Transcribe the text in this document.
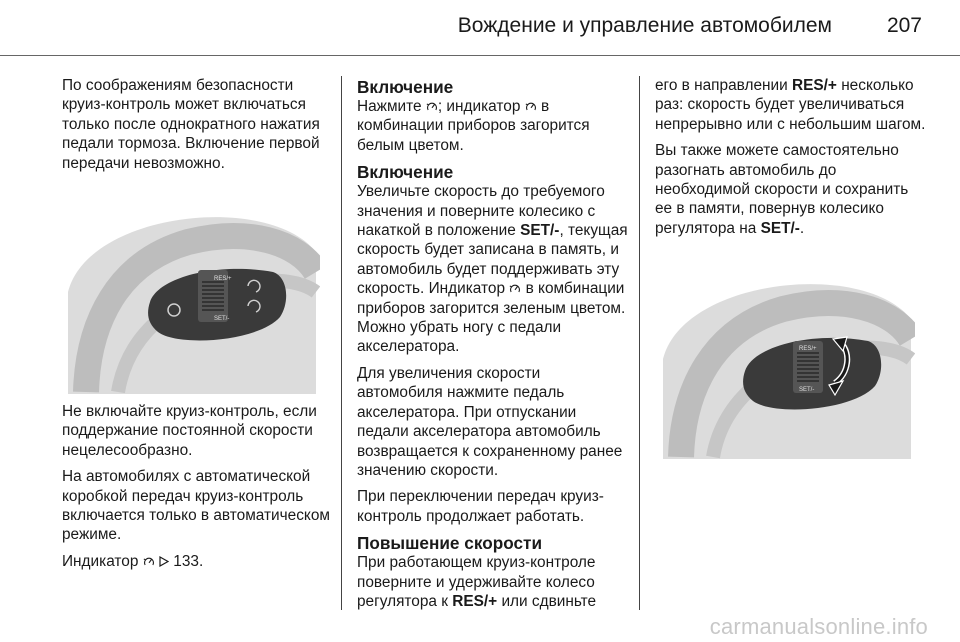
Вождение и управление автомобилем	207

По соображениям безопасности круиз-контроль может включаться только после однократного нажатия педали тормоза. Включение первой передачи невозможно.

RES/+
SET/-

Не включайте круиз-контроль, если поддержание постоянной скорости нецелесообразно.

На автомобилях с автоматической коробкой передач круиз-контроль включается только в автоматическом режиме.

Индикатор 133.

Включение

Нажмите ; индикатор в комбинации приборов загорится белым цветом.

Включение

Увеличьте скорость до требуемого значения и поверните колесико с накаткой в положение SET/-, текущая скорость будет записана в память, и автомобиль будет поддерживать эту скорость. Индикатор в комбинации приборов загорится зеленым цветом. Можно убрать ногу с педали акселератора.

Для увеличения скорости автомобиля нажмите педаль акселератора. При отпускании педали акселератора автомобиль возвращается к сохраненному ранее значению скорости.

При переключении передач круиз-контроль продолжает работать.

Повышение скорости

При работающем круиз-контроле поверните и удерживайте колесо регулятора к RES/+ или сдвиньте

его в направлении RES/+ несколько раз: скорость будет увеличиваться непрерывно или с небольшим шагом.

Вы также можете самостоятельно разогнать автомобиль до необходимой скорости и сохранить ее в памяти, повернув колесико регулятора на SET/-.

RES/+
SET/-
carmanualsonline.info
